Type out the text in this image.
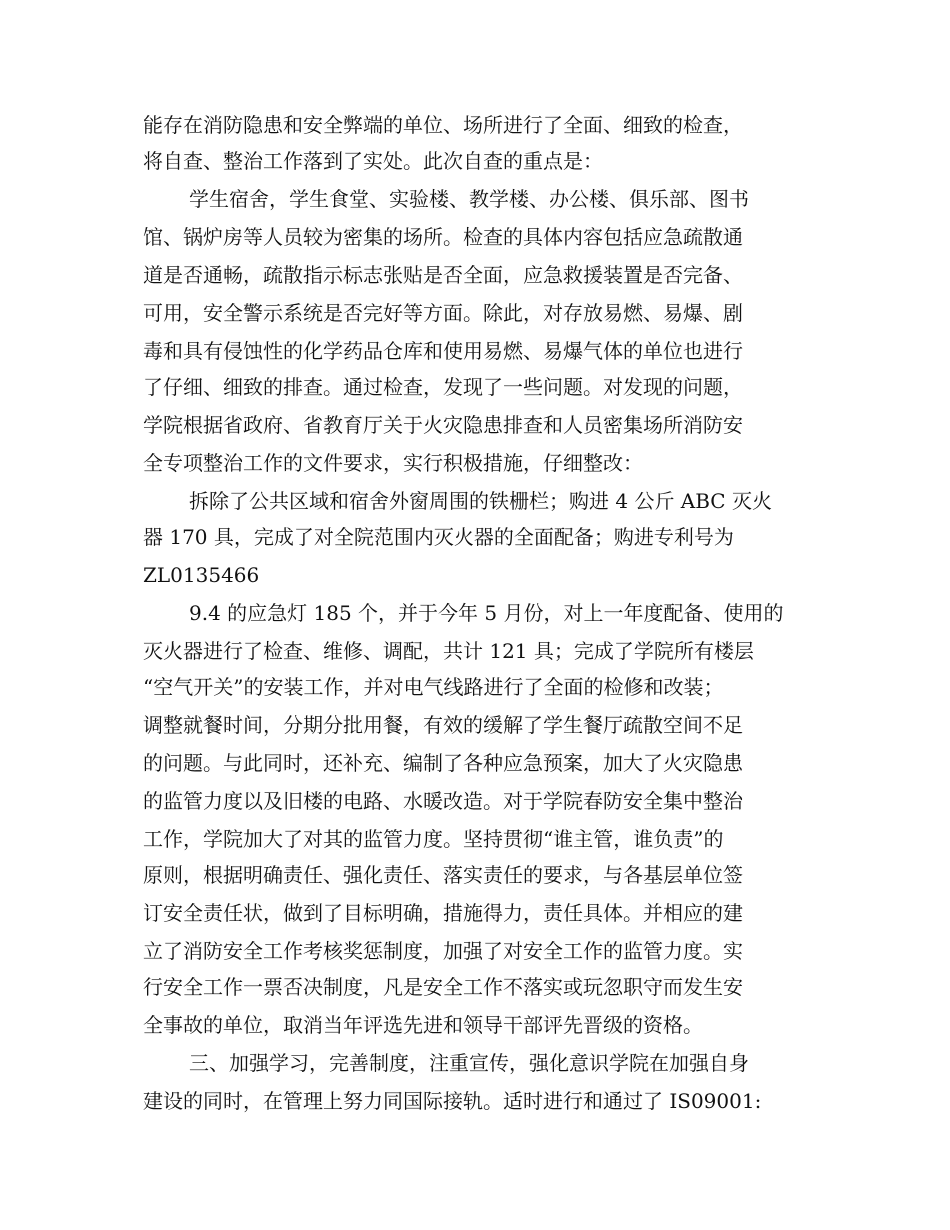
能存在消防隐患和安全弊端的单位、场所进行了全面、细致的检查，
将自查、整治工作落到了实处。此次自查的重点是：
学生宿舍，学生食堂、实验楼、教学楼、办公楼、俱乐部、图书
馆、锅炉房等人员较为密集的场所。检查的具体内容包括应急疏散通
道是否通畅，疏散指示标志张贴是否全面，应急救援装置是否完备、
可用，安全警示系统是否完好等方面。除此，对存放易燃、易爆、剧
毒和具有侵蚀性的化学药品仓库和使用易燃、易爆气体的单位也进行
了仔细、细致的排查。通过检查，发现了一些问题。对发现的问题，
学院根据省政府、省教育厅关于火灾隐患排查和人员密集场所消防安
全专项整治工作的文件要求，实行积极措施，仔细整改：
拆除了公共区域和宿舍外窗周围的铁栅栏；购进 4 公斤 ABC 灭火
器 170 具，完成了对全院范围内灭火器的全面配备；购进专利号为
ZL0135466
9.4 的应急灯 185 个，并于今年 5 月份，对上一年度配备、使用的
灭火器进行了检查、维修、调配，共计 121 具；完成了学院所有楼层
“空气开关”的安装工作，并对电气线路进行了全面的检修和改装；
调整就餐时间，分期分批用餐，有效的缓解了学生餐厅疏散空间不足
的问题。与此同时，还补充、编制了各种应急预案，加大了火灾隐患
的监管力度以及旧楼的电路、水暖改造。对于学院春防安全集中整治
工作，学院加大了对其的监管力度。坚持贯彻“谁主管，谁负责”的
原则，根据明确责任、强化责任、落实责任的要求，与各基层单位签
订安全责任状，做到了目标明确，措施得力，责任具体。并相应的建
立了消防安全工作考核奖惩制度，加强了对安全工作的监管力度。实
行安全工作一票否决制度，凡是安全工作不落实或玩忽职守而发生安
全事故的单位，取消当年评选先进和领导干部评先晋级的资格。
三、加强学习，完善制度，注重宣传，强化意识学院在加强自身
建设的同时，在管理上努力同国际接轨。适时进行和通过了 IS09001:
